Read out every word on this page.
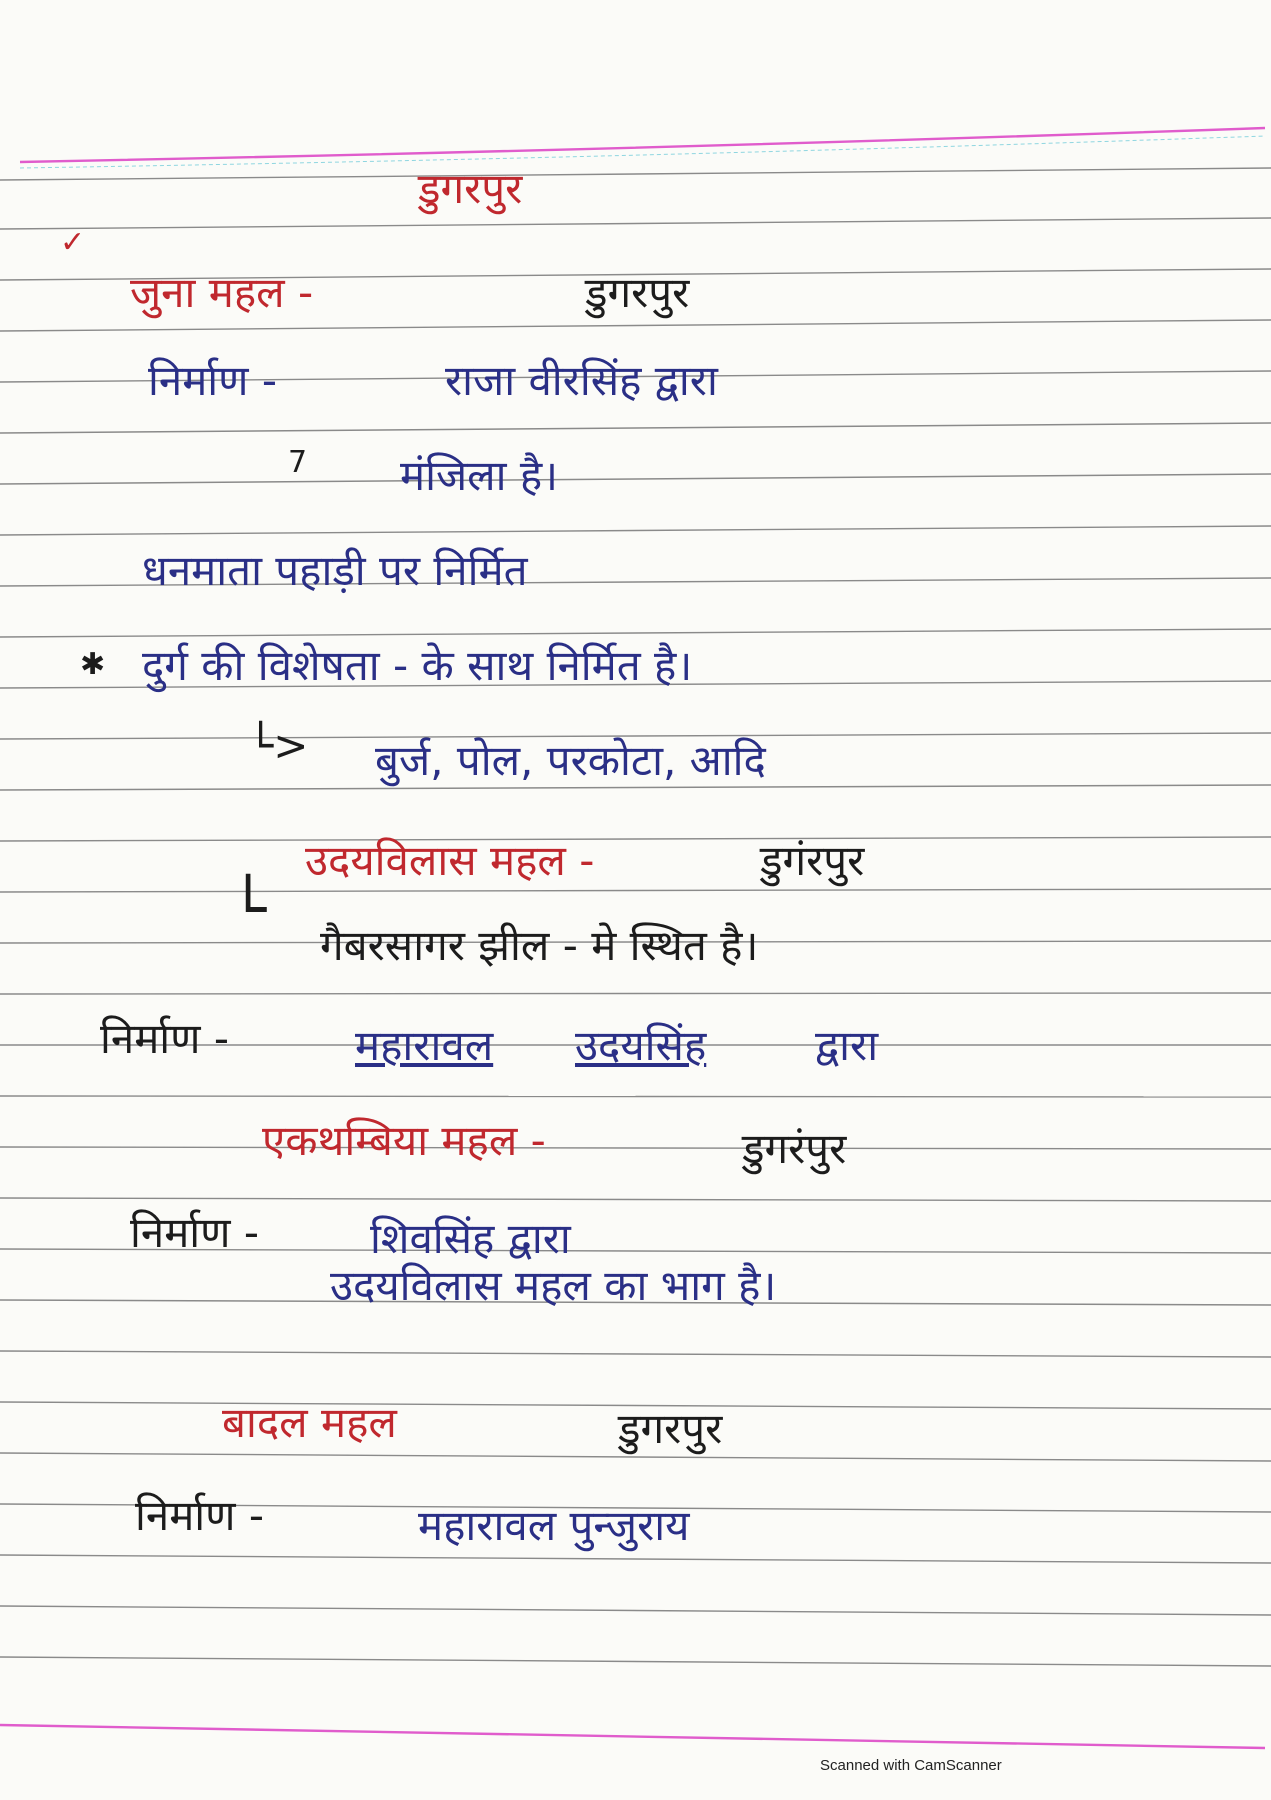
✓
डुगरपुर
जुना महल -	डुगरपुर
निर्माण -	राजा वीरसिंह द्वारा
7 मंजिला है।
धनमाता पहाड़ी पर निर्मित
✱ दुर्ग की विशेषता - के साथ निर्मित है।
└> बुर्ज, पोल, परकोटा, आदि
उदयविलास महल -	डुगंरपुर
└
गैबरसागर झील - मे स्थित है।
निर्माण -	महारावल उदयसिंह	द्वारा
एकथम्बिया महल -	डुगरंपुर
निर्माण -	शिवसिंह द्वारा
उदयविलास महल का भाग है।
बादल महल	डुगरपुर
निर्माण -	महारावल पुन्जुराय
Scanned with CamScanner
